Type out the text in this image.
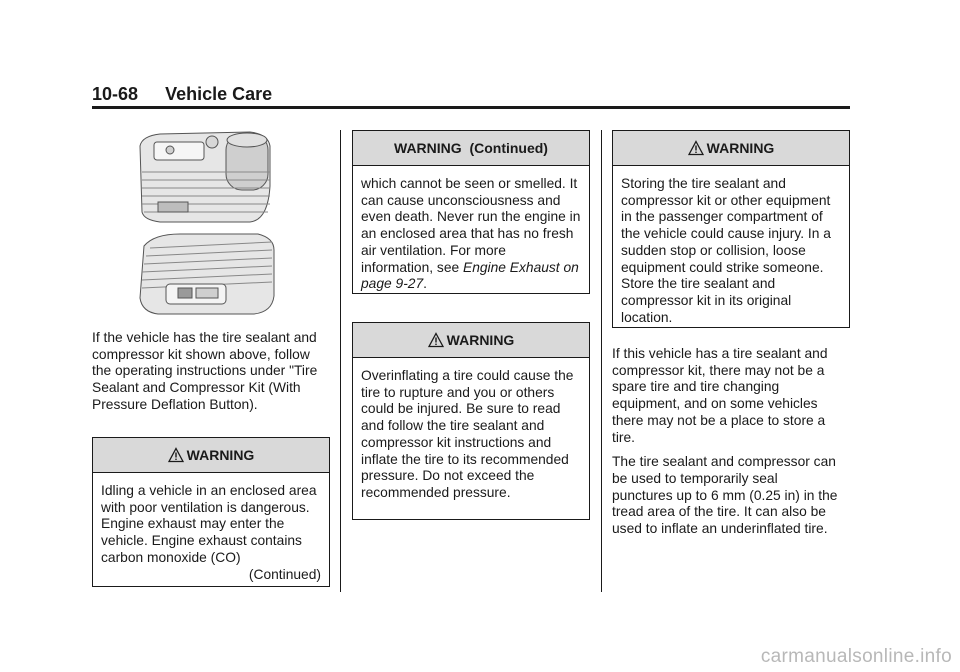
10-68 Vehicle Care

If the vehicle has the tire sealant and compressor kit shown above, follow the operating instructions under "Tire Sealant and Compressor Kit (With Pressure Deflation Button).

WARNING
Idling a vehicle in an enclosed area with poor ventilation is dangerous. Engine exhaust may enter the vehicle. Engine exhaust contains carbon monoxide (CO)
(Continued)
WARNING  (Continued)
which cannot be seen or smelled. It can cause unconsciousness and even death. Never run the engine in an enclosed area that has no fresh air ventilation. For more information, see Engine Exhaust on page 9-27.
WARNING
Overinflating a tire could cause the tire to rupture and you or others could be injured. Be sure to read and follow the tire sealant and compressor kit instructions and inflate the tire to its recommended pressure. Do not exceed the recommended pressure.
WARNING
Storing the tire sealant and compressor kit or other equipment in the passenger compartment of the vehicle could cause injury. In a sudden stop or collision, loose equipment could strike someone. Store the tire sealant and compressor kit in its original location.

If this vehicle has a tire sealant and compressor kit, there may not be a spare tire and tire changing equipment, and on some vehicles there may not be a place to store a tire.

The tire sealant and compressor can be used to temporarily seal punctures up to 6 mm (0.25 in) in the tread area of the tire. It can also be used to inflate an underinflated tire.

carmanualsonline.info
